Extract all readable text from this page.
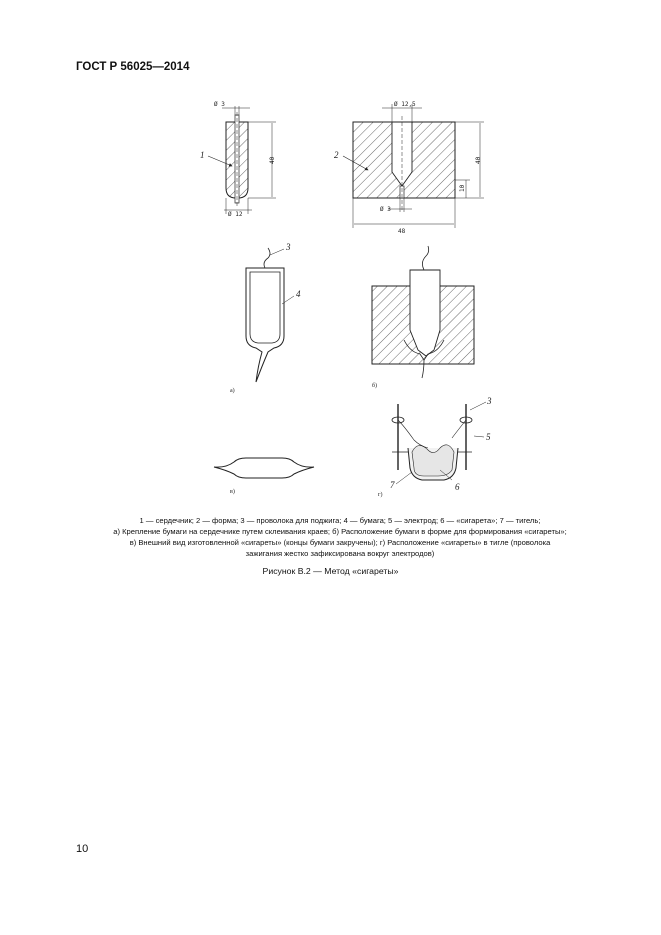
ГОСТ Р 56025—2014
1	2
3
4
3
5
6
7
Ø 3
40
Ø 12
Ø 12,5
40
10
Ø 3
48
а)
б)
в)	г)
1 — сердечник; 2 — форма; 3 — проволока для поджига; 4 — бумага; 5 — электрод; 6 — «сигарета»; 7 — тигель;
а) Крепление бумаги на сердечнике путем склеивания краев; б) Расположение бумаги в форме для формирования «сигареты»;
в) Внешний вид изготовленной «сигареты» (концы бумаги закручены); г) Расположение «сигареты» в тигле (проволока
зажигания жестко зафиксирована вокруг электродов)
Рисунок В.2 — Метод «сигареты»
10
